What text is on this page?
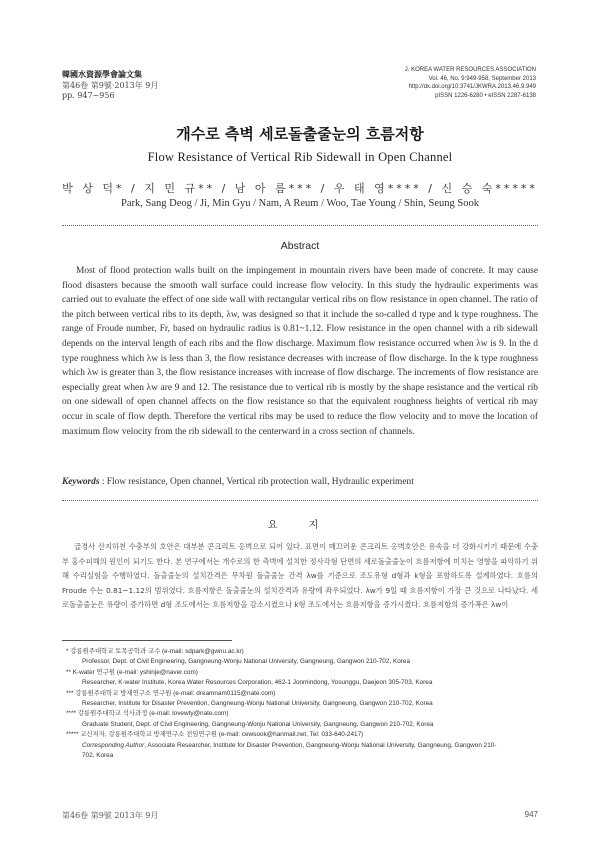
韓國水資源學會論文集
第46卷 第9號·2013年 9月
pp. 947~956
J. KOREA WATER RESOURCES ASSOCIATION
Vol. 46, No. 9:949-958, September 2013
http://dx.doi.org/10.3741/JKWRA.2013.46.9.949
pISSN 1226-6280 • eISSN 2287-6138
개수로 측벽 세로돌출줄눈의 흐름저항
Flow Resistance of Vertical Rib Sidewall in Open Channel
박 상 덕* / 지 민 규** / 남 아 름*** / 우 태 영**** / 신 승 숙*****
Park, Sang Deog / Ji, Min Gyu / Nam, A Reum / Woo, Tae Young / Shin, Seung Sook
Abstract
Most of flood protection walls built on the impingement in mountain rivers have been made of concrete. It may cause flood disasters because the smooth wall surface could increase flow velocity. In this study the hydraulic experiments was carried out to evaluate the effect of one side wall with rectangular vertical ribs on flow resistance in open channel. The ratio of the pitch between vertical ribs to its depth, λw, was designed so that it include the so-called d type and k type roughness. The range of Froude number, Fr, based on hydraulic radius is 0.81~1.12. Flow resistance in the open channel with a rib sidewall depends on the interval length of each ribs and the flow discharge. Maximum flow resistance occurred when λw is 9. In the d type roughness which λw is less than 3, the flow resistance decreases with increase of flow discharge. In the k type roughness which λw is greater than 3, the flow resistance increases with increase of flow discharge. The increments of flow resistance are especially great when λw are 9 and 12. The resistance due to vertical rib is mostly by the shape resistance and the vertical rib on one sidewall of open channel affects on the flow resistance so that the equivalent roughness heights of vertical rib may occur in scale of flow depth. Therefore the vertical ribs may be used to reduce the flow velocity and to move the location of maximum flow velocity from the rib sidewall to the centerward in a cross section of channels.
Keywords : Flow resistance, Open channel, Vertical rib protection wall, Hydraulic experiment
요 지
급경사 산지하천 수충부의 호안은 대부분 콘크리트 옹벽으로 되어 있다. 표면이 매끄러운 콘크리트 옹벽호안은 유속을 더 강화시키기 때문에 수충부 홍수피해의 원인이 되기도 한다. 본 연구에서는 개수로의 한 측벽에 설치한 정사각형 단면의 세로돌출줄눈이 흐름저항에 미치는 영향을 파악하기 위해 수리실험을 수행하였다. 돌출줄눈의 설치간격은 무차원 돌출줄눈 간격 λw를 기준으로 조도유형 d형과 k형을 포함하도록 설계하였다. 흐름의 Froude 수는 0.81~1.12의 범위였다. 흐름저항은 돌출줄눈의 설치간격과 유량에 좌우되었다. λw가 9일 때 흐름저항이 가장 큰 것으로 나타났다. 세로돌출줄눈은 유량이 증가하면 d형 조도에서는 흐름저항을 감소시켰으나 k형 조도에서는 흐름저항을 증가시켰다. 흐름저항의 증가폭은 λw이
* 강릉원주대학교 토목공학과 교수 (e-mail: sdpark@gwnu.ac.kr)
Professor, Dept. of Civil Engineering, Gangneung-Wonju National University, Gangneung, Gangwon 210-702, Korea
** K-water 연구원 (e-mail: yshinje@naver.com)
Researcher, K-water Institute, Korea Water Resources Corporation, 462-1 Jonmindong, Yosunggu, Daejeon 305-703, Korea
*** 강릉원주대학교 방재연구소 연구원 (e-mail: dreamnam0115@nate.com)
Researcher, Institute for Disaster Prevention, Gangneung-Wonju National University, Gangneung, Gangwon 210-702, Korea
**** 강릉원주대학교 석사과정 (e-mail: lovewty@nate.com)
Graduate Student, Dept. of Civil Engineering, Gangneung-Wonju National University, Gangneung, Gangwon 210-702, Korea
***** 교신저자, 강릉원주대학교 방재연구소 전임연구원 (e-mail: cewsook@hanmail.net, Tel: 033-640-2417)
Corresponding Author, Associate Researcher, Institute for Disaster Prevention, Gangneung-Wonju National University, Gangneung, Gangwon 210-702, Korea
第46卷 第9號 2013年 9月	947
